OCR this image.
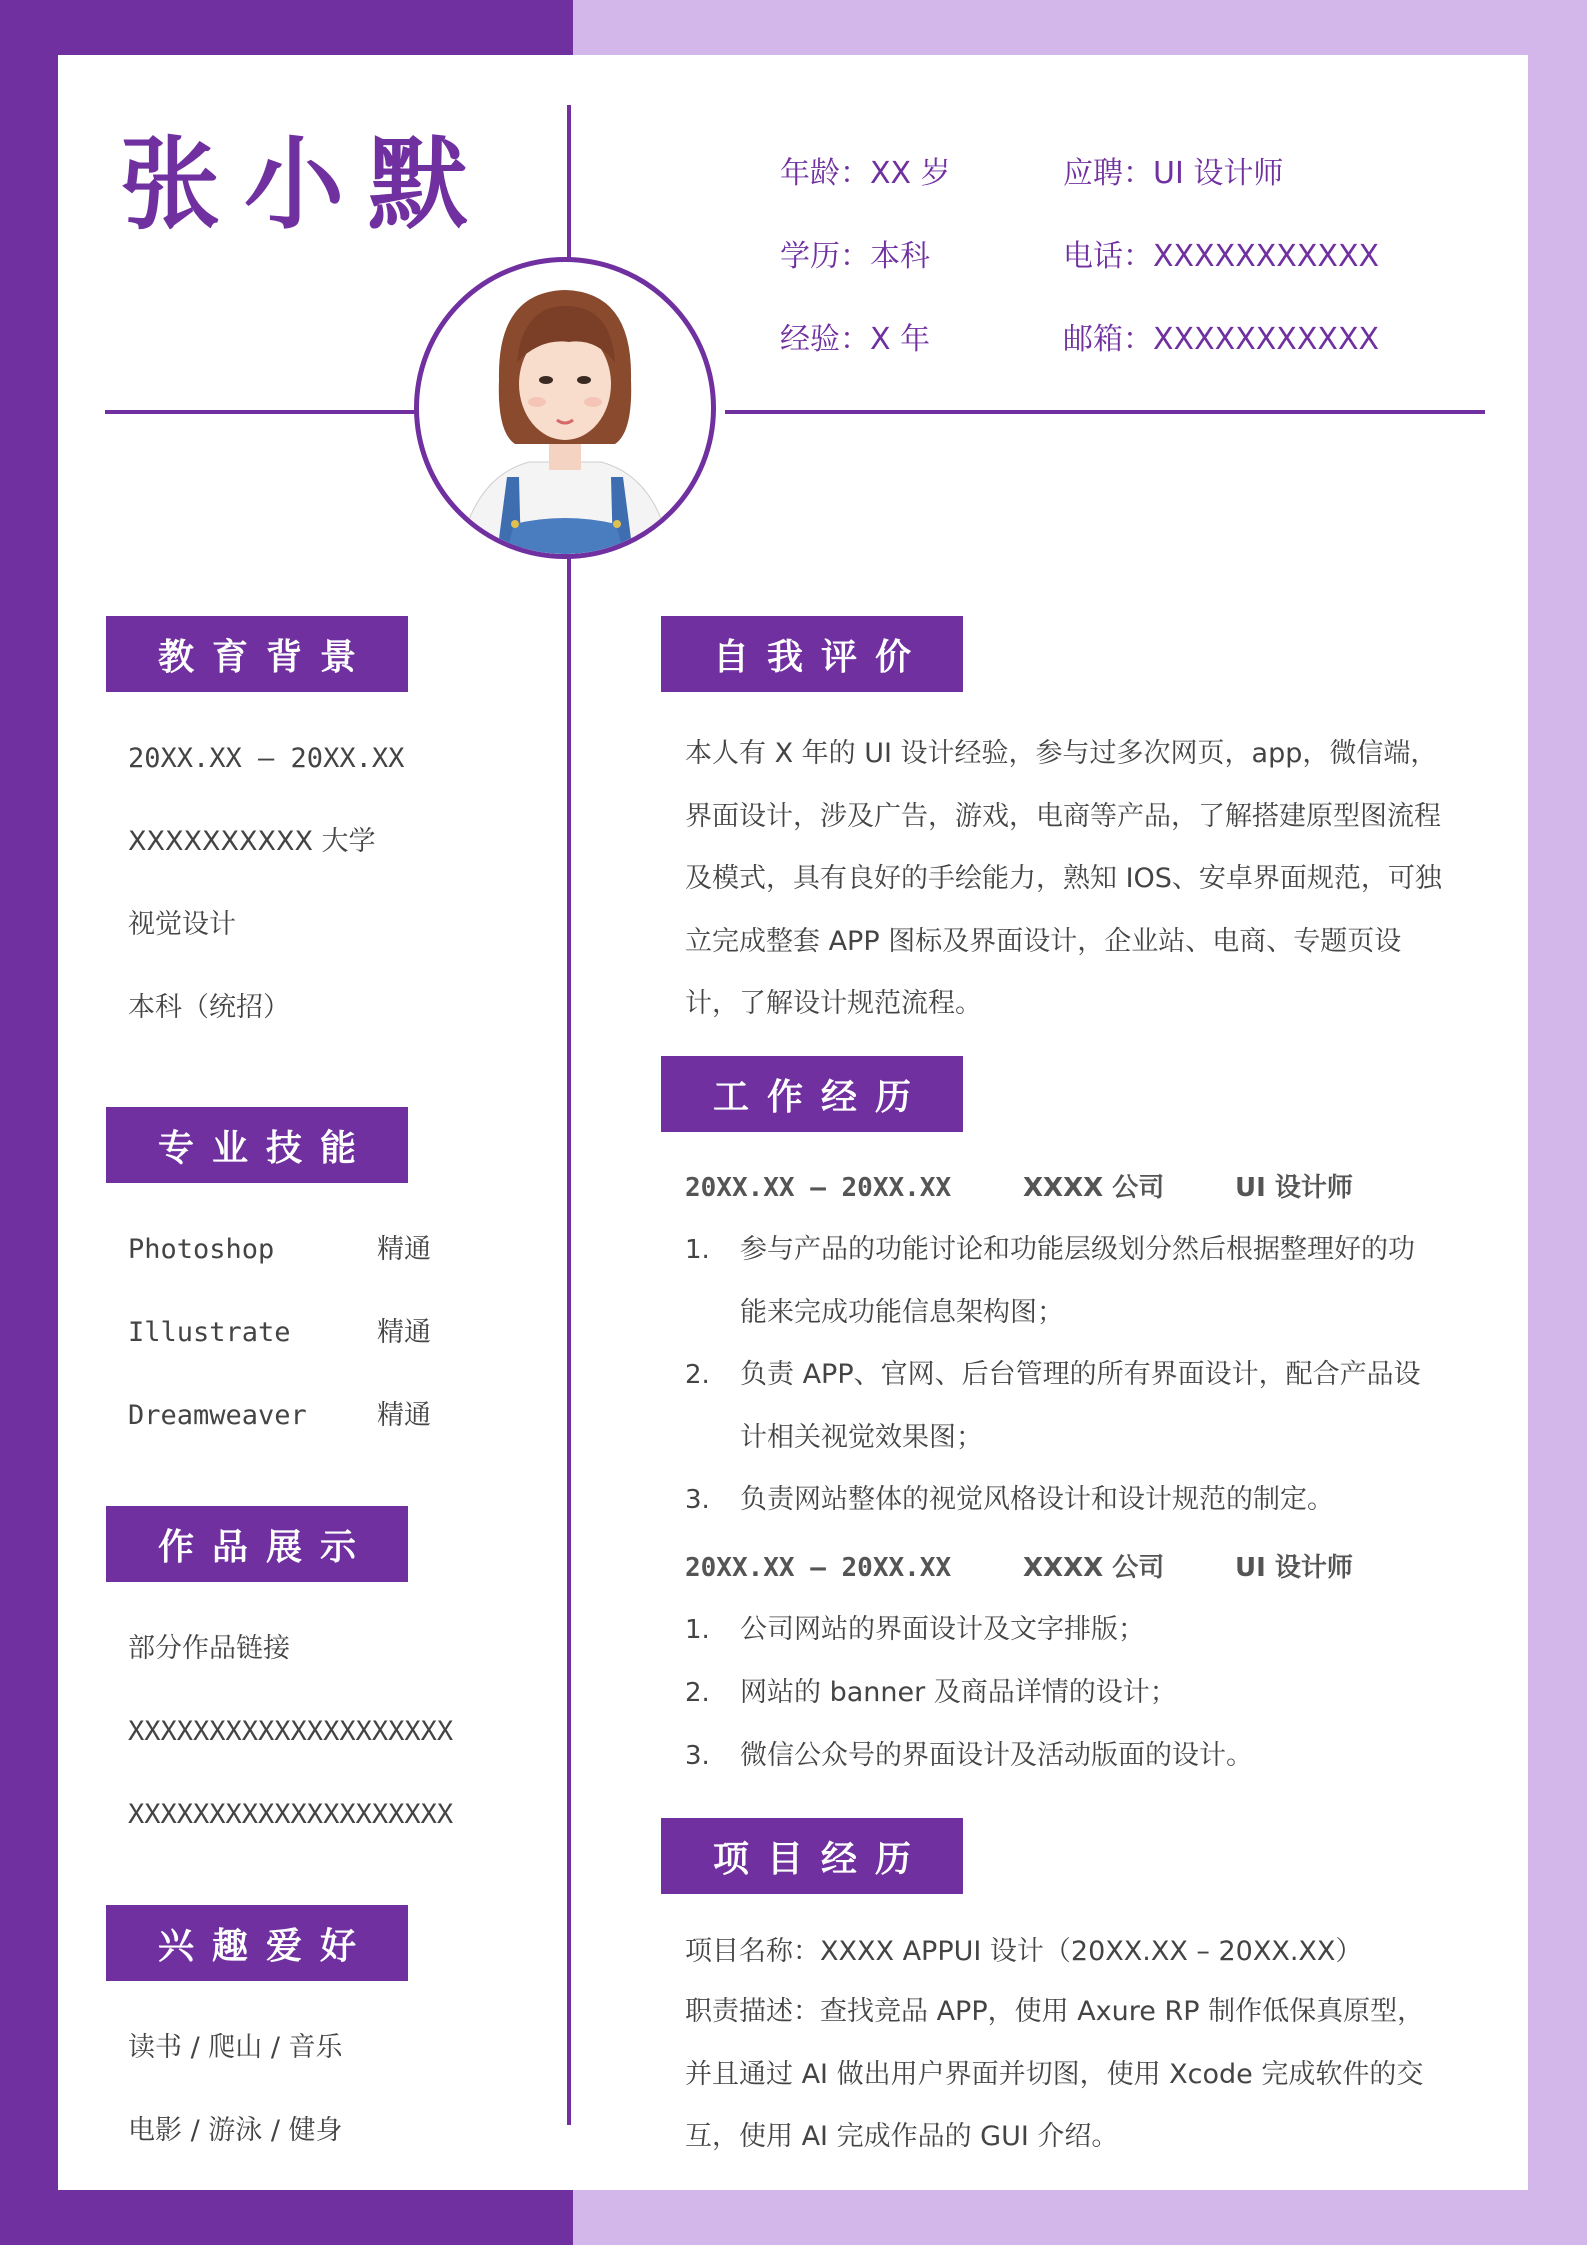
张小默	年龄：XX 岁	应聘：UI 设计师
学历：本科	电话：XXXXXXXXXXX
经验：X 年	邮箱：XXXXXXXXXXX
教育背景
20XX.XX – 20XX.XX
XXXXXXXXXX 大学
视觉设计
本科（统招）
专业技能
Photoshop	精通
Illustrate	精通
Dreamweaver	精通
作品展示
部分作品链接
XXXXXXXXXXXXXXXXXXXX
XXXXXXXXXXXXXXXXXXXX
兴趣爱好
读书 / 爬山 / 音乐
电影 / 游泳 / 健身
自我评价
本人有 X 年的 UI 设计经验，参与过多次网页，app，微信端，界面设计，涉及广告，游戏，电商等产品，了解搭建原型图流程及模式，具有良好的手绘能力，熟知 IOS、安卓界面规范，可独立完成整套 APP 图标及界面设计，企业站、电商、专题页设计，了解设计规范流程。
工作经历
20XX.XX – 20XX.XX	XXXX 公司	UI 设计师
1. 参与产品的功能讨论和功能层级划分然后根据整理好的功能来完成功能信息架构图；
2. 负责 APP、官网、后台管理的所有界面设计，配合产品设计相关视觉效果图；
3. 负责网站整体的视觉风格设计和设计规范的制定。
20XX.XX – 20XX.XX	XXXX 公司	UI 设计师
1. 公司网站的界面设计及文字排版；
2. 网站的 banner 及商品详情的设计；
3. 微信公众号的界面设计及活动版面的设计。
项目经历
项目名称：XXXX APPUI 设计（20XX.XX – 20XX.XX）
职责描述：查找竞品 APP，使用 Axure RP 制作低保真原型，并且通过 AI 做出用户界面并切图，使用 Xcode 完成软件的交互，使用 AI 完成作品的 GUI 介绍。
